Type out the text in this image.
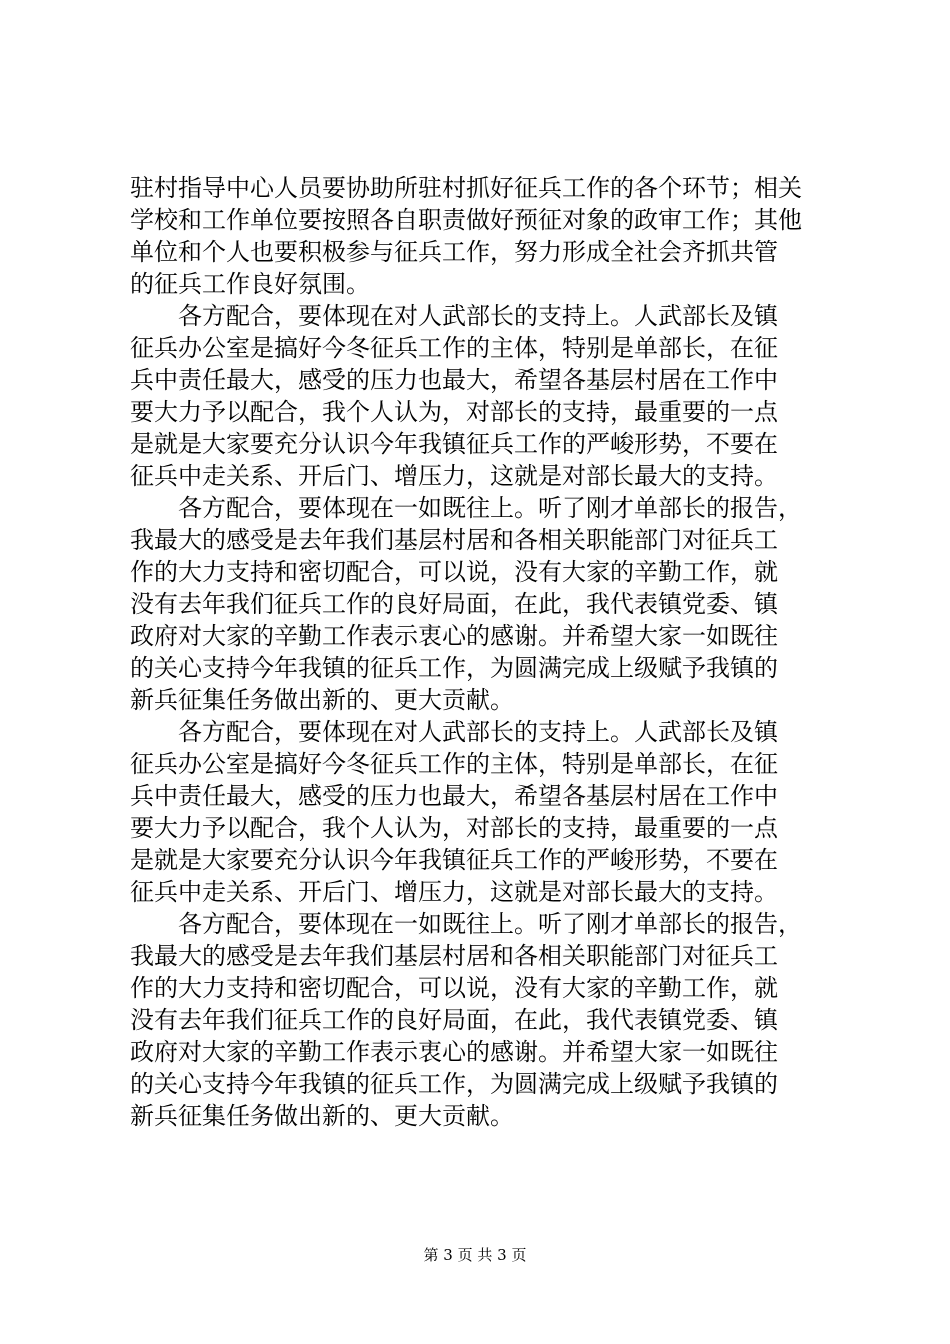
驻村指导中心人员要协助所驻村抓好征兵工作的各个环节；相关
学校和工作单位要按照各自职责做好预征对象的政审工作；其他
单位和个人也要积极参与征兵工作，努力形成全社会齐抓共管
的征兵工作良好氛围。
　　各方配合，要体现在对人武部长的支持上。人武部长及镇
征兵办公室是搞好今冬征兵工作的主体，特别是单部长，在征
兵中责任最大，感受的压力也最大，希望各基层村居在工作中
要大力予以配合，我个人认为，对部长的支持，最重要的一点
是就是大家要充分认识今年我镇征兵工作的严峻形势，不要在
征兵中走关系、开后门、增压力，这就是对部长最大的支持。
　　各方配合，要体现在一如既往上。听了刚才单部长的报告，
我最大的感受是去年我们基层村居和各相关职能部门对征兵工
作的大力支持和密切配合，可以说，没有大家的辛勤工作，就
没有去年我们征兵工作的良好局面，在此，我代表镇党委、镇
政府对大家的辛勤工作表示衷心的感谢。并希望大家一如既往
的关心支持今年我镇的征兵工作，为圆满完成上级赋予我镇的
新兵征集任务做出新的、更大贡献。
　　各方配合，要体现在对人武部长的支持上。人武部长及镇
征兵办公室是搞好今冬征兵工作的主体，特别是单部长，在征
兵中责任最大，感受的压力也最大，希望各基层村居在工作中
要大力予以配合，我个人认为，对部长的支持，最重要的一点
是就是大家要充分认识今年我镇征兵工作的严峻形势，不要在
征兵中走关系、开后门、增压力，这就是对部长最大的支持。
　　各方配合，要体现在一如既往上。听了刚才单部长的报告，
我最大的感受是去年我们基层村居和各相关职能部门对征兵工
作的大力支持和密切配合，可以说，没有大家的辛勤工作，就
没有去年我们征兵工作的良好局面，在此，我代表镇党委、镇
政府对大家的辛勤工作表示衷心的感谢。并希望大家一如既往
的关心支持今年我镇的征兵工作，为圆满完成上级赋予我镇的
新兵征集任务做出新的、更大贡献。
第 3 页 共 3 页
